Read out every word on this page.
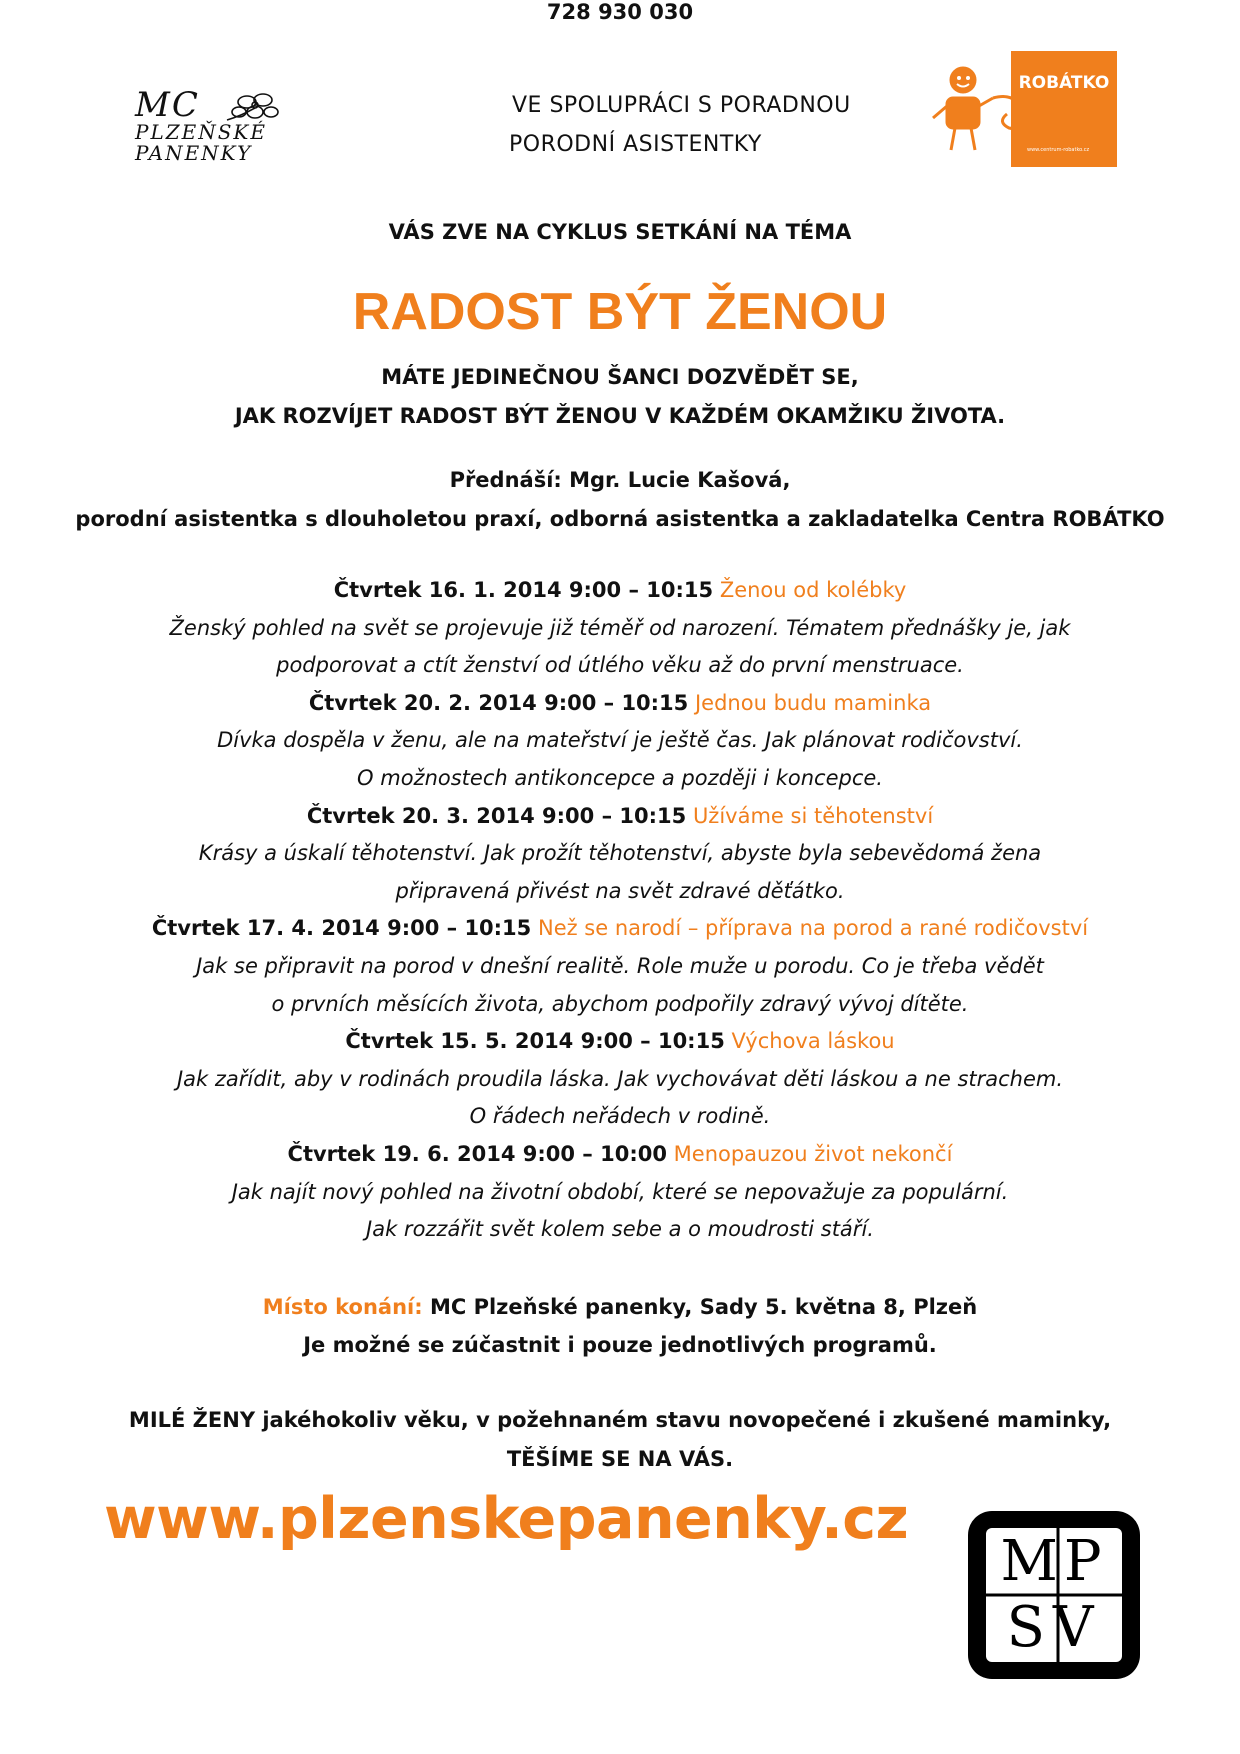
MC
PLZEŇSKÉ
PANENKY
VE SPOLUPRÁCI S PORADNOU
PORODNÍ ASISTENTKY
ROBÁTKO
www.centrum-robatko.cz
VÁS ZVE NA CYKLUS SETKÁNÍ NA TÉMA
RADOST BÝT ŽENOU
MÁTE JEDINEČNOU ŠANCI DOZVĚDĚT SE,
JAK ROZVÍJET RADOST BÝT ŽENOU V KAŽDÉM OKAMŽIKU ŽIVOTA.
Přednáší: Mgr. Lucie Kašová,
porodní asistentka s dlouholetou praxí, odborná asistentka a zakladatelka Centra ROBÁTKO
Čtvrtek 16. 1. 2014 9:00 – 10:15 Ženou od kolébky
Ženský pohled na svět se projevuje již téměř od narození. Tématem přednášky je, jak
podporovat a ctít ženství od útlého věku až do první menstruace.
Čtvrtek 20. 2. 2014 9:00 – 10:15 Jednou budu maminka
Dívka dospěla v ženu, ale na mateřství je ještě čas. Jak plánovat rodičovství.
O možnostech antikoncepce a později i koncepce.
Čtvrtek 20. 3. 2014 9:00 – 10:15 Užíváme si těhotenství
Krásy a úskalí těhotenství. Jak prožít těhotenství, abyste byla sebevědomá žena
připravená přivést na svět zdravé děťátko.
Čtvrtek 17. 4. 2014 9:00 – 10:15 Než se narodí – příprava na porod a rané rodičovství
Jak se připravit na porod v dnešní realitě. Role muže u porodu. Co je třeba vědět
o prvních měsících života, abychom podpořily zdravý vývoj dítěte.
Čtvrtek 15. 5. 2014 9:00 – 10:15 Výchova láskou
Jak zařídit, aby v rodinách proudila láska. Jak vychovávat děti láskou a ne strachem.
O řádech neřádech v rodině.
Čtvrtek 19. 6. 2014 9:00 – 10:00 Menopauzou život nekončí
Jak najít nový pohled na životní období, které se nepovažuje za populární.
Jak rozzářit svět kolem sebe a o moudrosti stáří.
Místo konání: MC Plzeňské panenky, Sady 5. května 8, Plzeň
Je možné se zúčastnit i pouze jednotlivých programů.
MILÉ ŽENY jakéhokoliv věku, v požehnaném stavu novopečené i zkušené maminky,
TĚŠÍME SE NA VÁS.
www.plzenskepanenky.cz
728 930 030
MP
SV
